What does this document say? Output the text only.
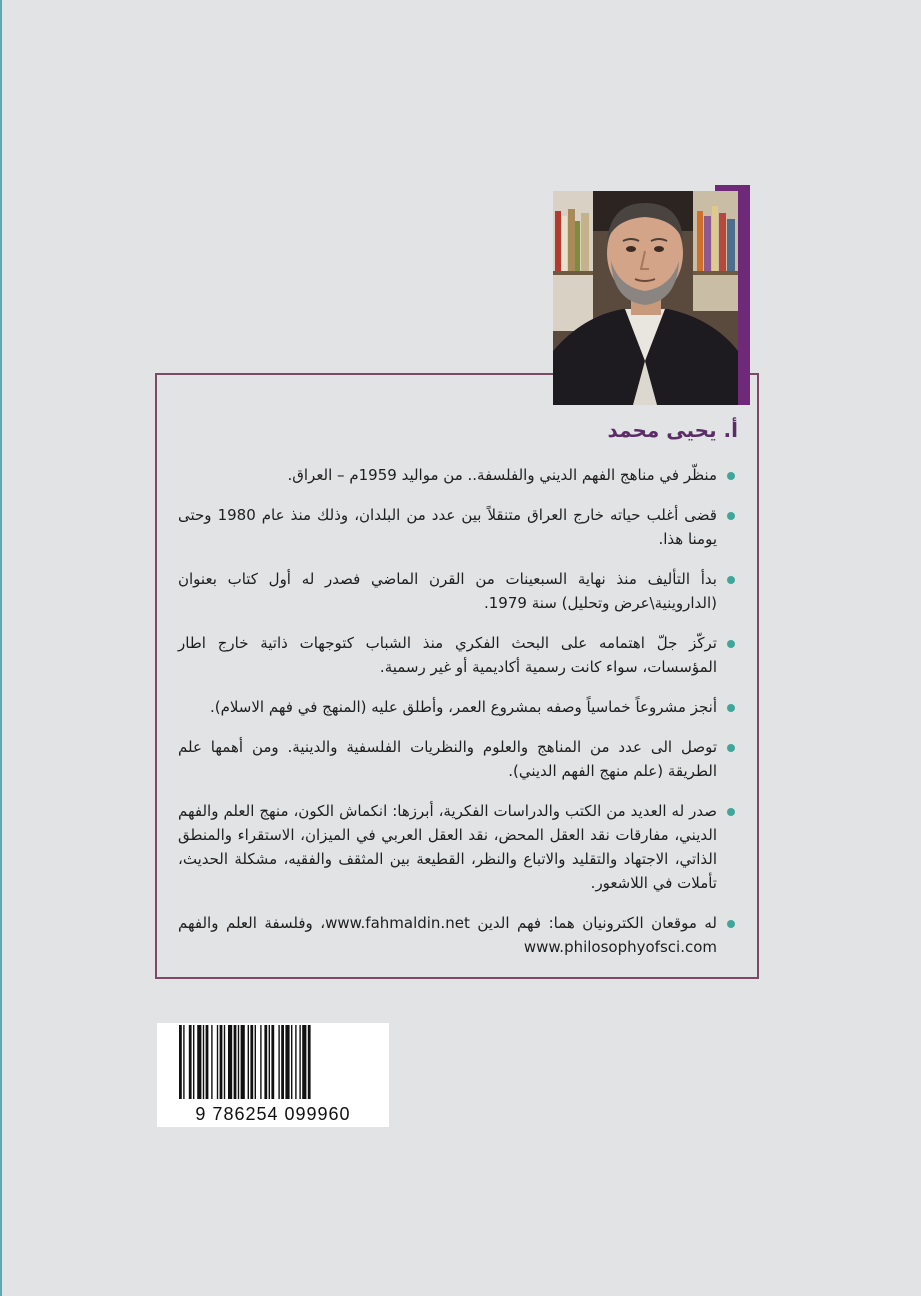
أ. يحيى محمد
منظّر في مناهج الفهم الديني والفلسفة.. من مواليد 1959م – العراق.
قضى أغلب حياته خارج العراق متنقلاً بين عدد من البلدان، وذلك منذ عام 1980 وحتى يومنا هذا.
بدأ التأليف منذ نهاية السبعينات من القرن الماضي فصدر له أول كتاب بعنوان (الداروينية\عرض وتحليل) سنة 1979.
تركّز جلّ اهتمامه على البحث الفكري منذ الشباب كتوجهات ذاتية خارج اطار المؤسسات، سواء كانت رسمية أكاديمية أو غير رسمية.
أنجز مشروعاً خماسياً وصفه بمشروع العمر، وأطلق عليه (المنهج في فهم الاسلام).
توصل الى عدد من المناهج والعلوم والنظريات الفلسفية والدينية. ومن أهمها علم الطريقة (علم منهج الفهم الديني).
صدر له العديد من الكتب والدراسات الفكرية، أبرزها: انكماش الكون، منهج العلم والفهم الديني، مفارقات نقد العقل المحض، نقد العقل العربي في الميزان، الاستقراء والمنطق الذاتي، الاجتهاد والتقليد والاتباع والنظر، القطيعة بين المثقف والفقيه، مشكلة الحديث، تأملات في اللاشعور.
له موقعان الكترونيان هما: فهم الدين www.fahmaldin.net، وفلسفة العلم والفهم www.philosophyofsci.com
9 786254 099960
